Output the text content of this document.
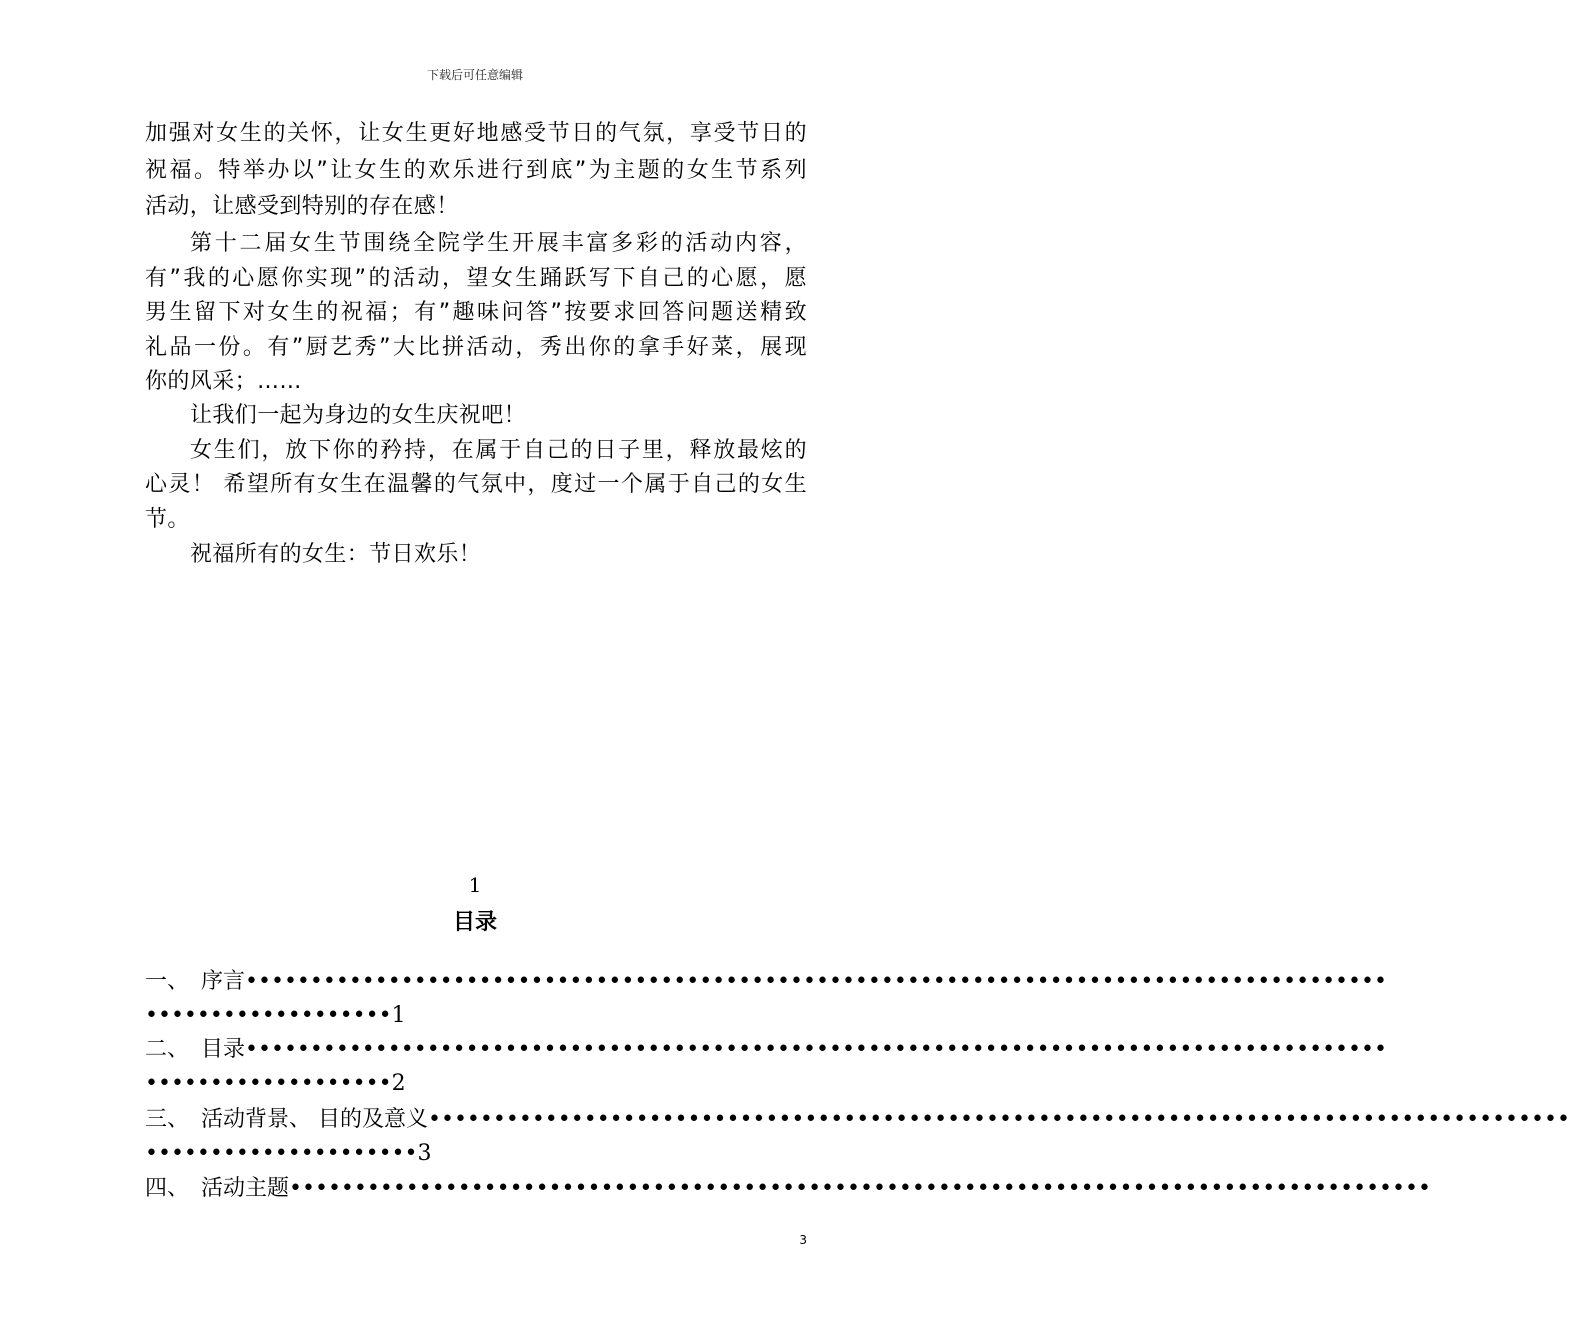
下载后可任意编辑
加强对女生的关怀，让女生更好地感受节日的气氛，享受节日的
祝福。特举办以”让女生的欢乐进行到底”为主题的女生节系列
活动，让感受到特别的存在感！
第十二届女生节围绕全院学生开展丰富多彩的活动内容，
有”我的心愿你实现”的活动，望女生踊跃写下自己的心愿，愿
男生留下对女生的祝福；有”趣味问答”按要求回答问题送精致
礼品一份。有”厨艺秀”大比拼活动，秀出你的拿手好菜，展现
你的风采；……
让我们一起为身边的女生庆祝吧！
女生们，放下你的矜持，在属于自己的日子里，释放最炫的
心灵！ 希望所有女生在温馨的气氛中，度过一个属于自己的女生
节。
祝福所有的女生：节日欢乐！
1
目录
一、 序言••••••••••••••••••••••••••••••••••••••••••••••••••••••••••••••••••••••••••••••••••••••••
•••••••••••••••••••1
二、 目录••••••••••••••••••••••••••••••••••••••••••••••••••••••••••••••••••••••••••••••••••••••••
•••••••••••••••••••2
三、 活动背景、 目的及意义••••••••••••••••••••••••••••••••••••••••••••••••••••••••••••••••••••••••••••••••••••••••
•••••••••••••••••••••3
四、 活动主题••••••••••••••••••••••••••••••••••••••••••••••••••••••••••••••••••••••••••••••••••••••••
3
